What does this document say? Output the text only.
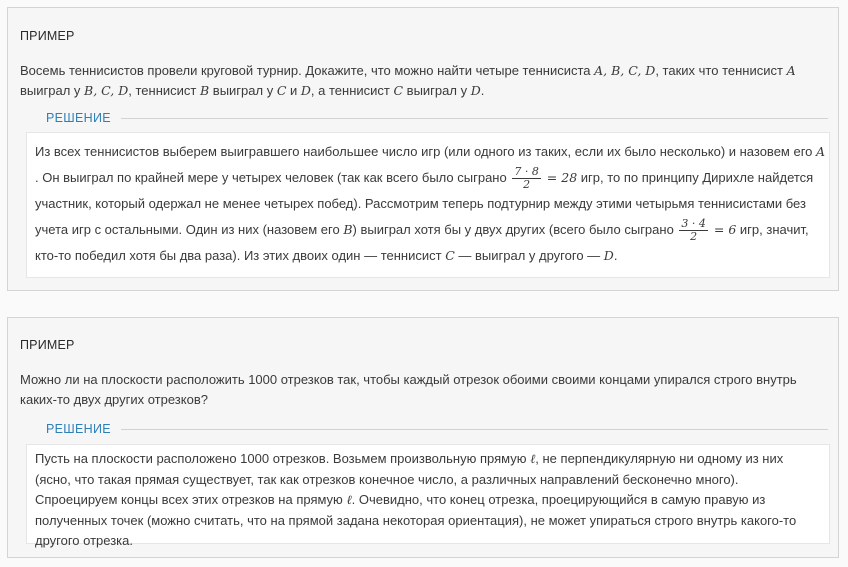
ПРИМЕР
Восемь теннисистов провели круговой турнир. Докажите, что можно найти четыре теннисиста A, B, C, D, таких что теннисист A выиграл у B, C, D, теннисист B выиграл у C и D, а теннисист C выиграл у D.
РЕШЕНИЕ
Из всех теннисистов выберем выигравшего наибольшее число игр (или одного из таких, если их было несколько) и назовем его A
. Он выиграл по крайней мере у четырех человек (так как всего было сыграно $\frac{7 \cdot 8}{2} = 28$ игр, то по принципу Дирихле найдется
участник, который одержал не менее четырех побед). Рассмотрим теперь подтурнир между этими четырьмя теннисистами без
учета игр с остальными. Один из них (назовем его B) выиграл хотя бы у двух других (всего было сыграно $\frac{3 \cdot 4}{2} = 6$ игр, значит,
кто-то победил хотя бы два раза). Из этих двоих один — теннисист C — выиграл у другого — D.
ПРИМЕР
Можно ли на плоскости расположить 1000 отрезков так, чтобы каждый отрезок обоими своими концами упирался строго внутрь каких-то двух других отрезков?
РЕШЕНИЕ
Пусть на плоскости расположено 1000 отрезков. Возьмем произвольную прямую ℓ, не перпендикулярную ни одному из них (ясно, что такая прямая существует, так как отрезков конечное число, а различных направлений бесконечно много). Спроецируем концы всех этих отрезков на прямую ℓ. Очевидно, что конец отрезка, проецирующийся в самую правую из полученных точек (можно считать, что на прямой задана некоторая ориентация), не может упираться строго внутрь какого-то другого отрезка.
